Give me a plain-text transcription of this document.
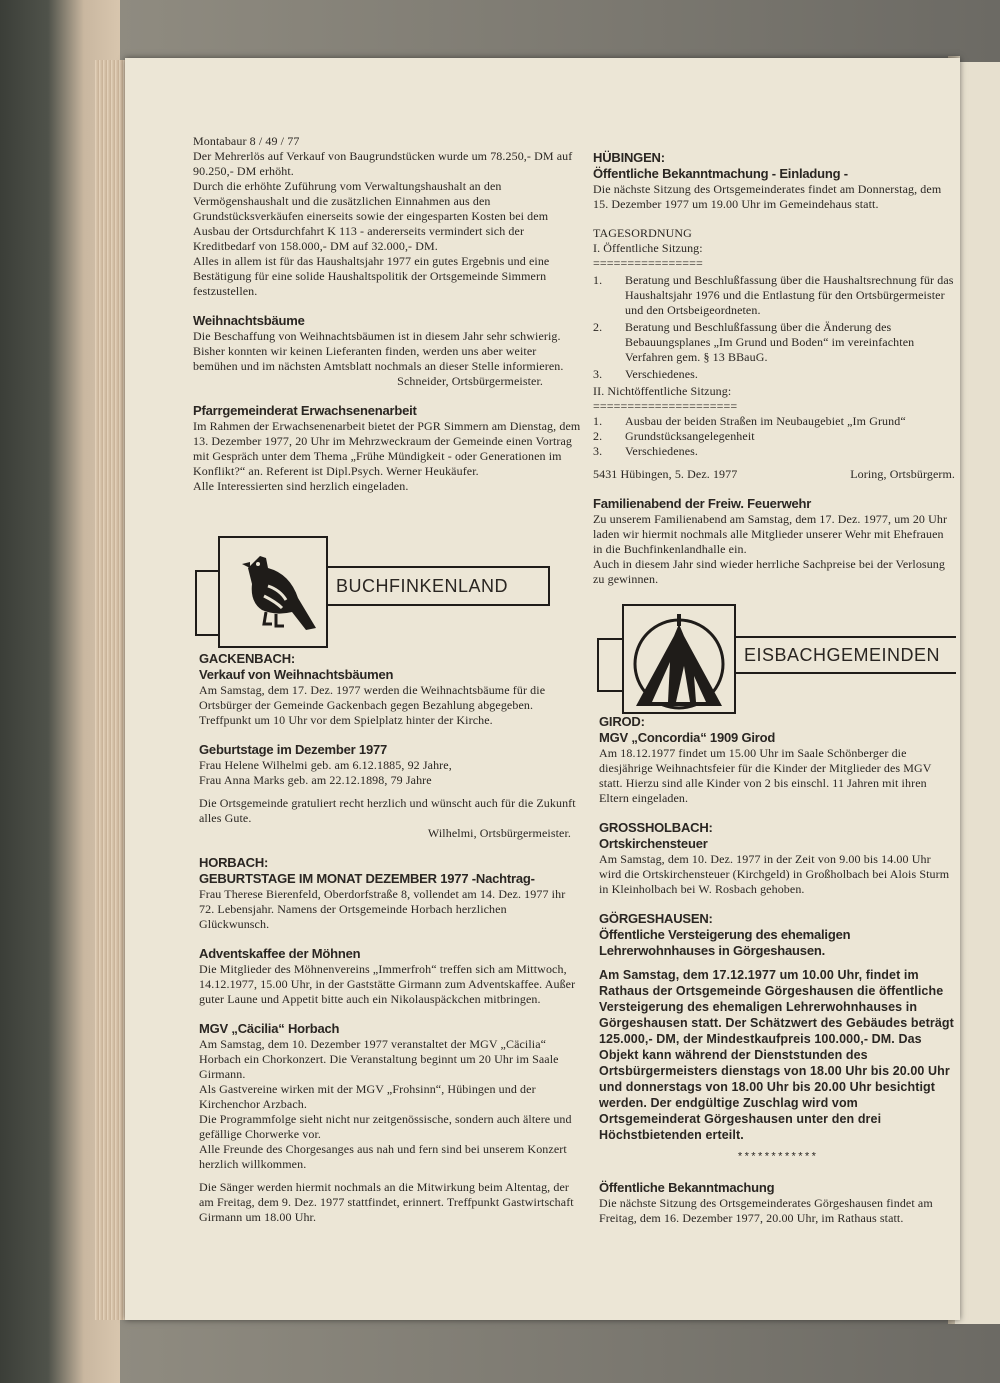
Montabaur 8 / 49 / 77

Der Mehrerlös auf Verkauf von Baugrundstücken wurde um 78.250,- DM auf 90.250,- DM erhöht.

Durch die erhöhte Zuführung vom Verwaltungshaushalt an den Vermögenshaushalt und die zusätzlichen Einnahmen aus den Grundstücksverkäufen einerseits sowie der eingesparten Kosten bei dem Ausbau der Ortsdurchfahrt K 113 - andererseits vermindert sich der Kreditbedarf von 158.000,- DM auf 32.000,- DM.

Alles in allem ist für das Haushaltsjahr 1977 ein gutes Ergebnis und eine Bestätigung für eine solide Haushaltspolitik der Ortsgemeinde Simmern festzustellen.

Weihnachtsbäume

Die Beschaffung von Weihnachtsbäumen ist in diesem Jahr sehr schwierig. Bisher konnten wir keinen Lieferanten finden, werden uns aber weiter bemühen und im nächsten Amtsblatt nochmals an dieser Stelle informieren.

Schneider, Ortsbürgermeister.

Pfarrgemeinderat Erwachsenenarbeit

Im Rahmen der Erwachsenenarbeit bietet der PGR Simmern am Dienstag, dem 13. Dezember 1977, 20 Uhr im Mehrzweckraum der Gemeinde einen Vortrag mit Gespräch unter dem Thema „Frühe Mündigkeit - oder Generationen im Konflikt?“ an. Referent ist Dipl.Psych. Werner Heukäufer.

Alle Interessierten sind herzlich eingeladen.

BUCHFINKENLAND

GACKENBACH:

Verkauf von Weihnachtsbäumen

Am Samstag, dem 17. Dez. 1977 werden die Weihnachtsbäume für die Ortsbürger der Gemeinde Gackenbach gegen Bezahlung abgegeben. Treffpunkt um 10 Uhr vor dem Spielplatz hinter der Kirche.

Geburtstage im Dezember 1977

Frau Helene Wilhelmi geb. am 6.12.1885, 92 Jahre,

Frau Anna Marks geb. am 22.12.1898, 79 Jahre

Die Ortsgemeinde gratuliert recht herzlich und wünscht auch für die Zukunft alles Gute.

Wilhelmi, Ortsbürgermeister.

HORBACH:

GEBURTSTAGE IM MONAT DEZEMBER 1977 -Nachtrag-

Frau Therese Bierenfeld, Oberdorfstraße 8, vollendet am 14. Dez. 1977 ihr 72. Lebensjahr. Namens der Ortsgemeinde Horbach herzlichen Glückwunsch.

Adventskaffee der Möhnen

Die Mitglieder des Möhnenvereins „Immerfroh“ treffen sich am Mittwoch, 14.12.1977, 15.00 Uhr, in der Gaststätte Girmann zum Adventskaffee. Außer guter Laune und Appetit bitte auch ein Nikolauspäckchen mitbringen.

MGV „Cäcilia“ Horbach

Am Samstag, dem 10. Dezember 1977 veranstaltet der MGV „Cäcilia“ Horbach ein Chorkonzert. Die Veranstaltung beginnt um 20 Uhr im Saale Girmann.

Als Gastvereine wirken mit der MGV „Frohsinn“, Hübingen und der Kirchenchor Arzbach.

Die Programmfolge sieht nicht nur zeitgenössische, sondern auch ältere und gefällige Chorwerke vor.

Alle Freunde des Chorgesanges aus nah und fern sind bei unserem Konzert herzlich willkommen.

Die Sänger werden hiermit nochmals an die Mitwirkung beim Altentag, der am Freitag, dem 9. Dez. 1977 stattfindet, erinnert. Treffpunkt Gastwirtschaft Girmann um 18.00 Uhr.

HÜBINGEN:

Öffentliche Bekanntmachung - Einladung -

Die nächste Sitzung des Ortsgemeinderates findet am Donnerstag, dem 15. Dezember 1977 um 19.00 Uhr im Gemeindehaus statt.

TAGESORDNUNG

I. Öffentliche Sitzung:

================

1.	Beratung und Beschlußfassung über die Haushaltsrechnung für das Haushaltsjahr 1976 und die Entlastung für den Ortsbürgermeister und den Ortsbeigeordneten.
2.	Beratung und Beschlußfassung über die Änderung des Bebauungsplanes „Im Grund und Boden“ im vereinfachten Verfahren gem. § 13 BBauG.
3.	Verschiedenes.

II. Nichtöffentliche Sitzung:

=====================

1.	Ausbau der beiden Straßen im Neubaugebiet „Im Grund“
2.	Grundstücksangelegenheit
3.	Verschiedenes.
5431 Hübingen, 5. Dez. 1977	Loring, Ortsbürgerm.

Familienabend der Freiw. Feuerwehr

Zu unserem Familienabend am Samstag, dem 17. Dez. 1977, um 20 Uhr laden wir hiermit nochmals alle Mitglieder unserer Wehr mit Ehefrauen in die Buchfinkenlandhalle ein.

Auch in diesem Jahr sind wieder herrliche Sachpreise bei der Verlosung zu gewinnen.

EISBACHGEMEINDEN

GIROD:

MGV „Concordia“ 1909 Girod

Am 18.12.1977 findet um 15.00 Uhr im Saale Schönberger die diesjährige Weihnachtsfeier für die Kinder der Mitglieder des MGV statt. Hierzu sind alle Kinder von 2 bis einschl. 11 Jahren mit ihren Eltern eingeladen.

GROSSHOLBACH:

Ortskirchensteuer

Am Samstag, dem 10. Dez. 1977 in der Zeit von 9.00 bis 14.00 Uhr wird die Ortskirchensteuer (Kirchgeld) in Großholbach bei Alois Sturm in Kleinholbach bei W. Rosbach gehoben.

GÖRGESHAUSEN:

Öffentliche Versteigerung des ehemaligen Lehrerwohnhauses in Görgeshausen.

Am Samstag, dem 17.12.1977 um 10.00 Uhr, findet im Rathaus der Ortsgemeinde Görgeshausen die öffentliche Versteigerung des ehemaligen Lehrerwohnhauses in Görgeshausen statt. Der Schätzwert des Gebäudes beträgt 125.000,- DM, der Mindestkaufpreis 100.000,- DM. Das Objekt kann während der Dienststunden des Ortsbürgermeisters dienstags von 18.00 Uhr bis 20.00 Uhr und donnerstags von 18.00 Uhr bis 20.00 Uhr besichtigt werden. Der endgültige Zuschlag wird vom Ortsgemeinderat Görgeshausen unter den drei Höchstbietenden erteilt.

************

Öffentliche Bekanntmachung

Die nächste Sitzung des Ortsgemeinderates Görgeshausen findet am Freitag, dem 16. Dezember 1977, 20.00 Uhr, im Rathaus statt.
